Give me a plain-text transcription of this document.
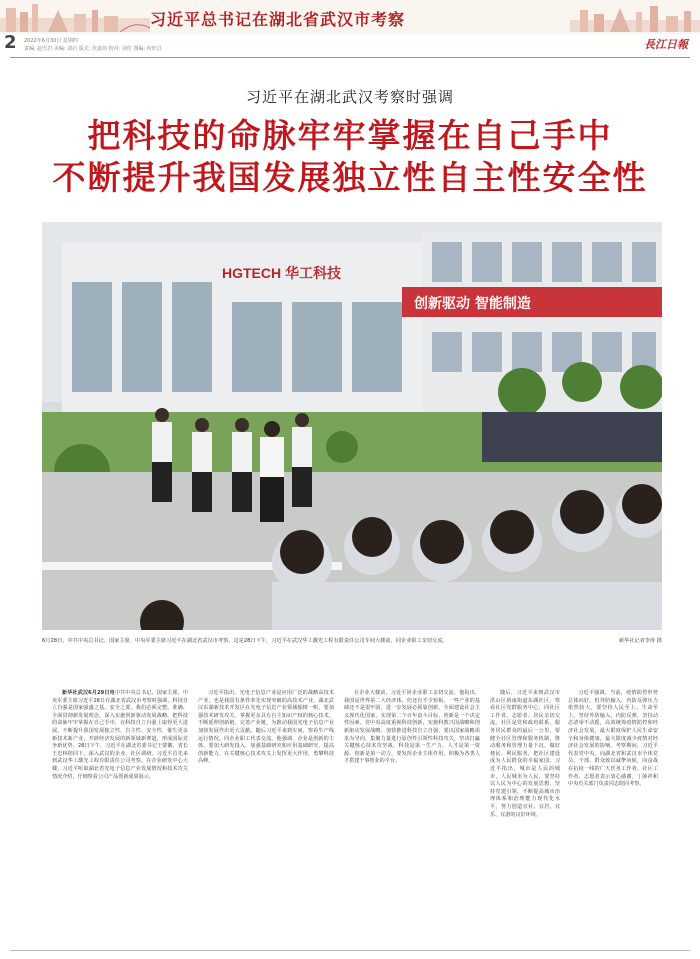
习近平总书记在湖北省武汉市考察
2 2022年6月30日 星期四
责编: 赵雪岩 美编: 刘启 版式: 范嘉伟 校对: 刘佳 图编: 何旺昌	長江日報
习近平在湖北武汉考察时强调
把科技的命脉牢牢掌握在自己手中
不断提升我国发展独立性自主性安全性
HGTECH 华工科技
创新驱动 智能制造
6月28日，中共中央总书记、国家主席、中央军委主席习近平在湖北省武汉市考察。这是28日下午，习近平在武汉华工激光工程有限责任公司车间大楼前，同企业职工亲切交流。	新华社记者李涛 摄

新华社武汉6月29日电中共中央总书记、国家主席、中央军委主席习近平28日在湖北省武汉市考察时强调，科技自立自强是国家强盛之基、安全之要。我们必须完整、准确、全面贯彻新发展理念，深入实施创新驱动发展战略，把科技的命脉牢牢掌握在自己手中，在科技自立自强上取得更大进展，不断提升我国发展独立性、自主性、安全性，催生更多新技术新产业，开辟经济发展的新领域新赛道，形成国际竞争新优势。28日下午，习近平在湖北省委书记王蒙徽、省长王忠林陪同下，深入武汉的企业、社区调研。习近平首先来到武汉华工激光工程有限责任公司考察。在企业研发中心大楼，习近平听取湖北省光电子信息产业发展情况和技术攻关情况介绍，仔细察看公司产品创新成果展示。

习近平指出，光电子信息产业是应用广泛的战略高技术产业，也是我国有条件率先实现突破的高技术产业。湖北武汉东湖新技术开发区在光电子信息产业领域独树一帜，要加强技术研发攻关，掌握更多具有自主知识产权的核心技术，不断延伸创新链、完善产业链，为推动我国光电子信息产业加快发展作出更大贡献。随后习近平来到车间，察看生产线运行情况，同企业职工代表交流。他强调，企业是创新的主体，要加大研发投入，加强基础研究和应用基础研究，提高创新能力，在关键核心技术攻关上发挥更大作用，勇攀科技高峰。

在企业大楼前，习近平同企业职工亲切交流。他指出，我国是世界第二大经济体，但还有不少短板，一些产业的基础还不是很牢固，进一步发展必须靠创新。全面建设社会主义现代化国家，实现第二个百年奋斗目标，创新是一个决定性因素。党中央高度重视科技创新，实施科教兴国战略和创新驱动发展战略。加快推进科技自立自强，要以国家战略需求为导向，集聚力量进行原创性引领性科技攻关，坚决打赢关键核心技术攻坚战。科技是第一生产力、人才是第一资源、创新是第一动力，要发挥企业主体作用，积极为各类人才搭建干事创业的平台。

随后，习近平来到武汉市洪山区珞南街道东湖社区，察看社区党群服务中心，同社区工作者、志愿者、居民亲切交流。社区是党和政府联系、服务居民群众的最后一公里，要健全社区管理和服务机制，推动服务和管理力量下沉，做好便民、利民服务，把社区建设成为人民群众的幸福家园。习近平指出，城市是人民的城市，人民城市为人民，要坚持以人民为中心的发展思想，坚持党建引领，不断提高城市治理体系和治理能力现代化水平，努力创造宜业、宜居、宜乐、宜游的良好环境。

习近平强调，当前，疫情防控形势总体向好，但外防输入、内防反弹压力依然较大，要坚持人民至上、生命至上，坚持外防输入、内防反弹，坚持动态清零不动摇，高效统筹疫情防控和经济社会发展，最大限度保护人民生命安全和身体健康，最大限度减少疫情对经济社会发展的影响。考察期间，习近平代表党中央，向湖北省和武汉市全体党员、干部、群众致以诚挚问候，向奋战在抗疫一线的广大医务工作者、社区工作者、志愿者表示衷心感谢。丁薛祥和中央有关部门负责同志陪同考察。
